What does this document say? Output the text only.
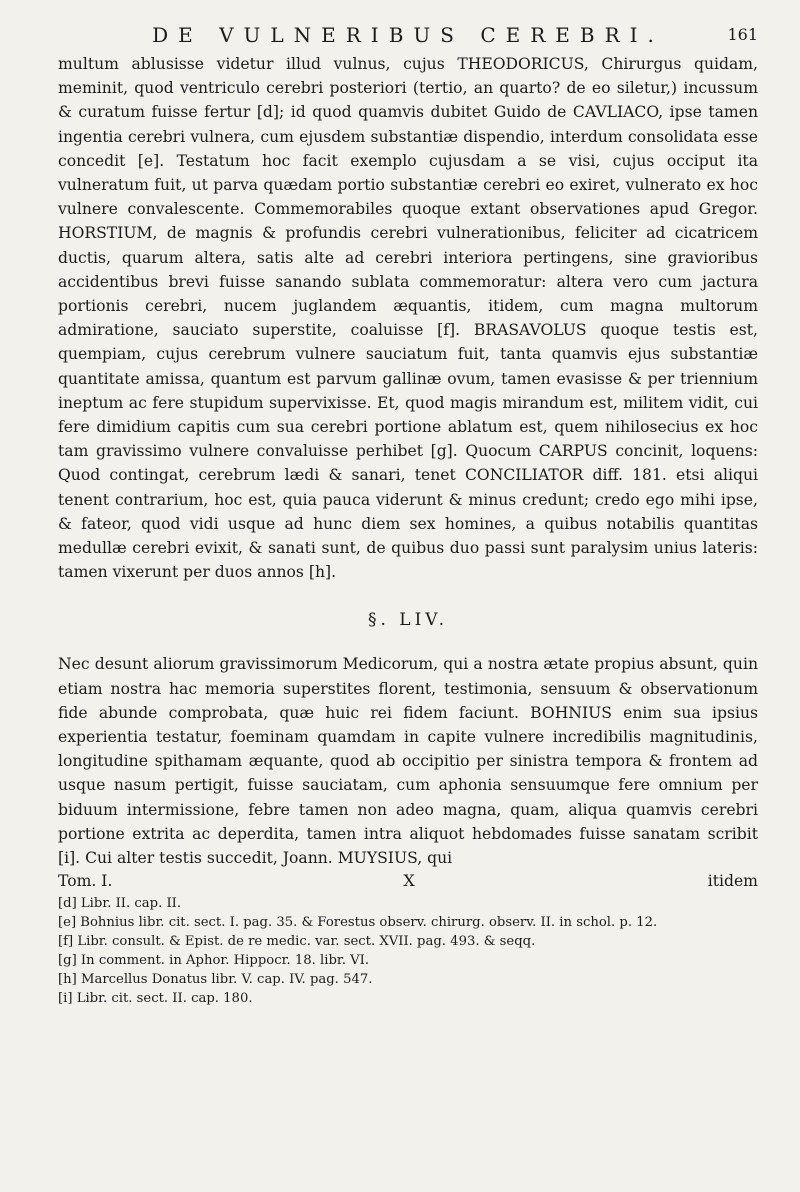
DE VULNERIBUS CEREBRI.	161

multum ablusisse videtur illud vulnus, cujus THEODORICUS, Chirurgus quidam, meminit, quod ventriculo cerebri posteriori (tertio, an quarto? de eo siletur,) incussum & curatum fuisse fertur [d]; id quod quamvis dubitet Guido de CAVLIACO, ipse tamen ingentia cerebri vulnera, cum ejusdem substantiæ dispendio, interdum consolidata esse concedit [e]. Testatum hoc facit exemplo cujusdam a se visi, cujus occiput ita vulneratum fuit, ut parva quædam portio substantiæ cerebri eo exiret, vulnerato ex hoc vulnere convalescente. Commemorabiles quoque extant observationes apud Gregor. HORSTIUM, de magnis & profundis cerebri vulnerationibus, feliciter ad cicatricem ductis, quarum altera, satis alte ad cerebri interiora pertingens, sine gravioribus accidentibus brevi fuisse sanando sublata commemoratur: altera vero cum jactura portionis cerebri, nucem juglandem æquantis, itidem, cum magna multorum admiratione, sauciato superstite, coaluisse [f]. BRASAVOLUS quoque testis est, quempiam, cujus cerebrum vulnere sauciatum fuit, tanta quamvis ejus substantiæ quantitate amissa, quantum est parvum gallinæ ovum, tamen evasisse & per triennium ineptum ac fere stupidum supervixisse. Et, quod magis mirandum est, militem vidit, cui fere dimidium capitis cum sua cerebri portione ablatum est, quem nihilosecius ex hoc tam gravissimo vulnere convaluisse perhibet [g]. Quocum CARPUS concinit, loquens: Quod contingat, cerebrum lædi & sanari, tenet CONCILIATOR diff. 181. etsi aliqui tenent contrarium, hoc est, quia pauca viderunt & minus credunt; credo ego mihi ipse, & fateor, quod vidi usque ad hunc diem sex homines, a quibus notabilis quantitas medullæ cerebri evixit, & sanati sunt, de quibus duo passi sunt paralysim unius lateris: tamen vixerunt per duos annos [h].

§. LIV.

Nec desunt aliorum gravissimorum Medicorum, qui a nostra ætate propius absunt, quin etiam nostra hac memoria superstites florent, testimonia, sensuum & observationum fide abunde comprobata, quæ huic rei fidem faciunt. BOHNIUS enim sua ipsius experientia testatur, foeminam quamdam in capite vulnere incredibilis magnitudinis, longitudine spithamam æquante, quod ab occipitio per sinistra tempora & frontem ad usque nasum pertigit, fuisse sauciatam, cum aphonia sensuumque fere omnium per biduum intermissione, febre tamen non adeo magna, quam, aliqua quamvis cerebri portione extrita ac deperdita, tamen intra aliquot hebdomades fuisse sanatam scribit [i]. Cui alter testis succedit, Joann. MUYSIUS, qui

Tom. I.	X	itidem
[d] Libr. II. cap. II.
[e] Bohnius libr. cit. sect. I. pag. 35. & Forestus observ. chirurg. observ. II. in schol. p. 12.
[f] Libr. consult. & Epist. de re medic. var. sect. XVII. pag. 493. & seqq.
[g] In comment. in Aphor. Hippocr. 18. libr. VI.
[h] Marcellus Donatus libr. V. cap. IV. pag. 547.
[i] Libr. cit. sect. II. cap. 180.
